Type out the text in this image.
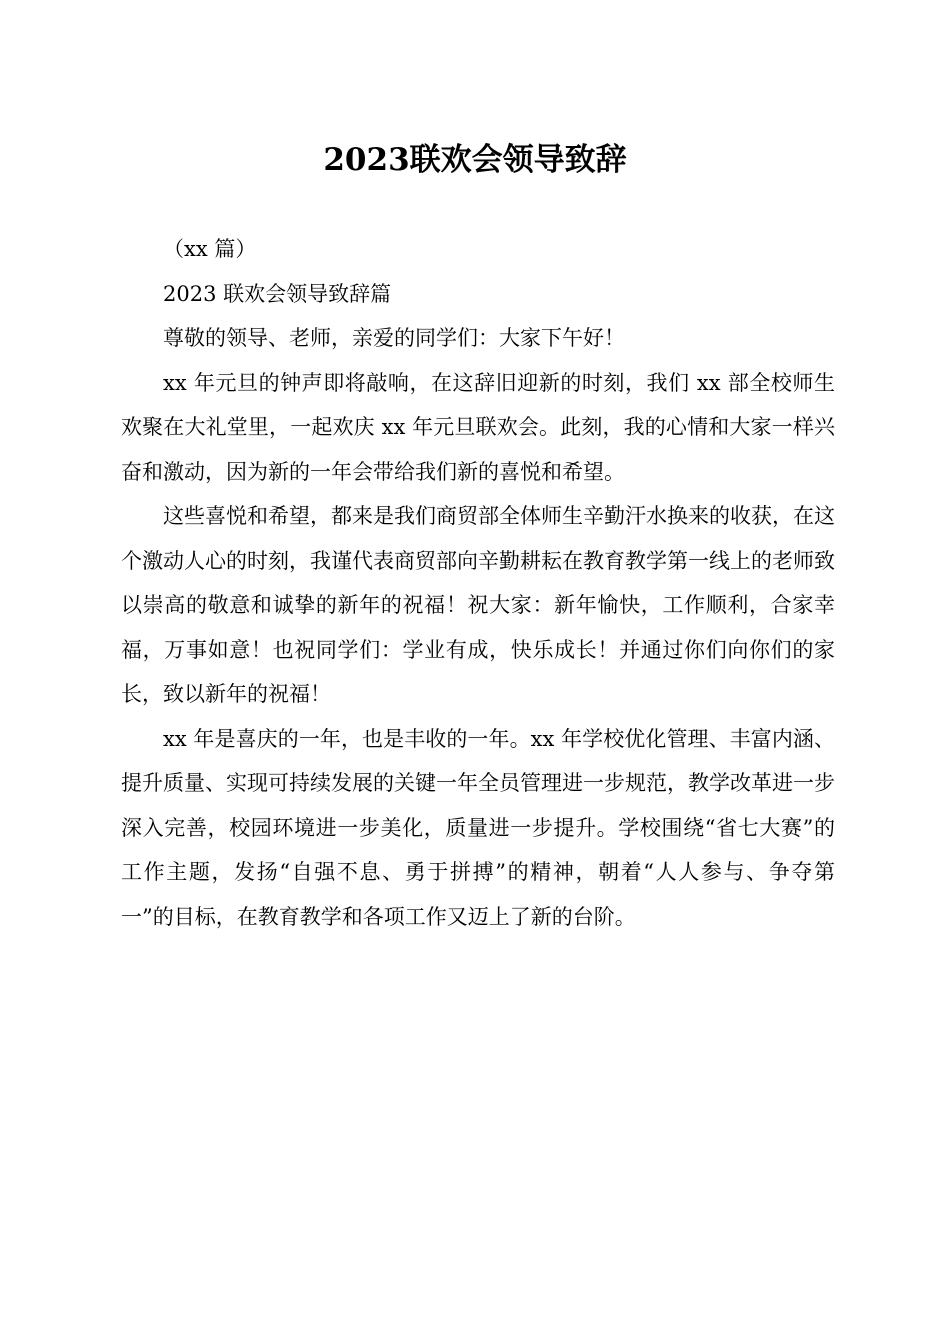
2023联欢会领导致辞

（xx 篇）

2023 联欢会领导致辞篇

尊敬的领导、老师，亲爱的同学们：大家下午好！

xx 年元旦的钟声即将敲响，在这辞旧迎新的时刻，我们 xx 部全校师生欢聚在大礼堂里，一起欢庆 xx 年元旦联欢会。此刻，我的心情和大家一样兴奋和激动，因为新的一年会带给我们新的喜悦和希望。

这些喜悦和希望，都来是我们商贸部全体师生辛勤汗水换来的收获，在这个激动人心的时刻，我谨代表商贸部向辛勤耕耘在教育教学第一线上的老师致以崇高的敬意和诚挚的新年的祝福！祝大家：新年愉快，工作顺利，合家幸福，万事如意！也祝同学们：学业有成，快乐成长！并通过你们向你们的家长，致以新年的祝福！

xx 年是喜庆的一年，也是丰收的一年。xx 年学校优化管理、丰富内涵、提升质量、实现可持续发展的关键一年全员管理进一步规范，教学改革进一步深入完善，校园环境进一步美化，质量进一步提升。学校围绕“省七大赛”的工作主题，发扬“自强不息、勇于拼搏”的精神，朝着“人人参与、争夺第一”的目标，在教育教学和各项工作又迈上了新的台阶。
